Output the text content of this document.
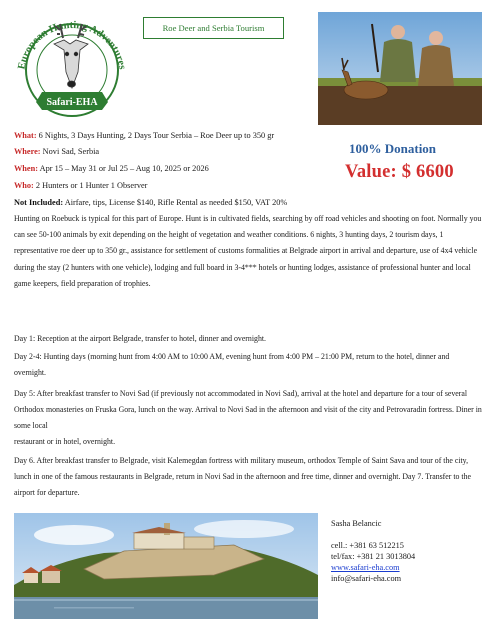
European Hunting Adventures
Safari-EHA
Roe Deer and Serbia Tourism
What: 6 Nights, 3 Days Hunting, 2 Days Tour Serbia – Roe Deer up to 350 gr
Where: Novi Sad, Serbia
When: Apr 15 – May 31 or Jul 25 – Aug 10, 2025 or 2026
Who: 2 Hunters or 1 Hunter 1 Observer
Not Included: Airfare, tips, License $140, Rifle Rental as needed $150, VAT 20%
100% Donation
Value: $ 6600
Hunting on Roebuck is typical for this part of Europe. Hunt is in cultivated fields, searching by off road vehicles and shooting on foot. Normally you can see 50-100 animals by exit depending on the height of vegetation and weather conditions. 6 nights, 3 hunting days, 2 tourism days, 1 representative roe deer up to 350 gr., assistance for settlement of customs formalities at Belgrade airport in arrival and departure, use of 4x4 vehicle during the stay (2 hunters with one vehicle), lodging and full board in 3-4*** hotels or hunting lodges, assistance of professional hunter and local game keepers, field preparation of trophies.
Day 1: Reception at the airport Belgrade, transfer to hotel, dinner and overnight.
Day 2-4: Hunting days (morning hunt from 4:00 AM to 10:00 AM, evening hunt from 4:00 PM – 21:00 PM, return to the hotel, dinner and overnight.
Day 5: After breakfast transfer to Novi Sad (if previously not accommodated in Novi Sad), arrival at the hotel and departure for a tour of several Orthodox monasteries on Fruska Gora, lunch on the way. Arrival to Novi Sad in the afternoon and visit of the city and Petrovaradin fortress. Diner in some local
restaurant or in hotel, overnight.
Day 6. After breakfast transfer to Belgrade, visit Kalemegdan fortress with military museum, orthodox Temple of Saint Sava and tour of the city, lunch in one of the famous restaurants in Belgrade, return in Novi Sad in the afternoon and free time, dinner and overnight. Day 7. Transfer to the airport for departure.
Sasha Belancic
cell.: +381 63 512215
tel/fax: +381 21 3013804
www.safari-eha.com
info@safari-eha.com
